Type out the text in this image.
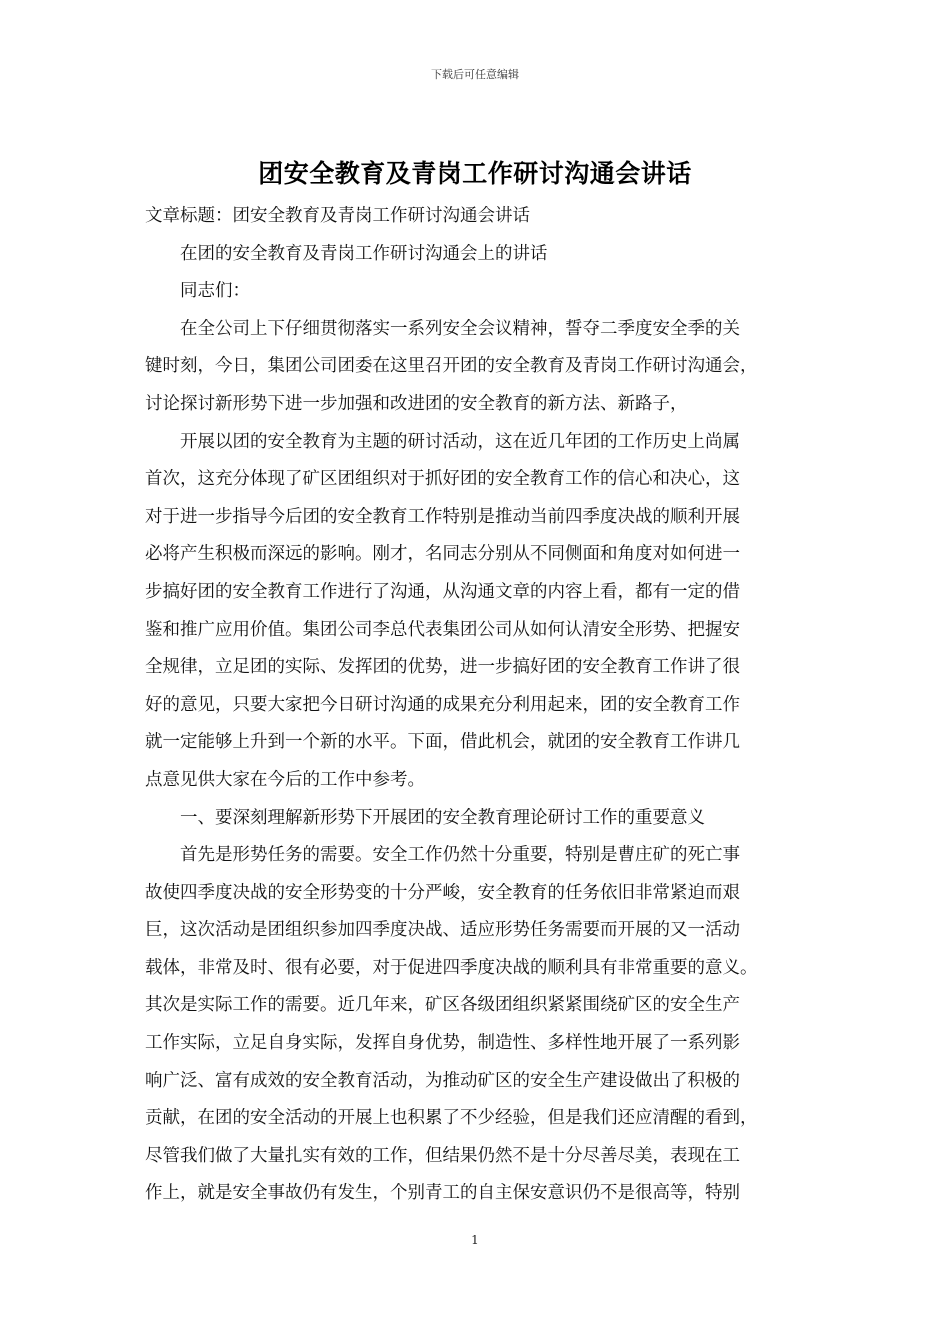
下载后可任意编辑
团安全教育及青岗工作研讨沟通会讲话
文章标题：团安全教育及青岗工作研讨沟通会讲话
　　在团的安全教育及青岗工作研讨沟通会上的讲话
　　同志们：
　　在全公司上下仔细贯彻落实一系列安全会议精神，誓夺二季度安全季的关
键时刻，今日，集团公司团委在这里召开团的安全教育及青岗工作研讨沟通会，
讨论探讨新形势下进一步加强和改进团的安全教育的新方法、新路子，
　　开展以团的安全教育为主题的研讨活动，这在近几年团的工作历史上尚属
首次，这充分体现了矿区团组织对于抓好团的安全教育工作的信心和决心，这
对于进一步指导今后团的安全教育工作特别是推动当前四季度决战的顺利开展
必将产生积极而深远的影响。刚才，名同志分别从不同侧面和角度对如何进一
步搞好团的安全教育工作进行了沟通，从沟通文章的内容上看，都有一定的借
鉴和推广应用价值。集团公司李总代表集团公司从如何认清安全形势、把握安
全规律，立足团的实际、发挥团的优势，进一步搞好团的安全教育工作讲了很
好的意见，只要大家把今日研讨沟通的成果充分利用起来，团的安全教育工作
就一定能够上升到一个新的水平。下面，借此机会，就团的安全教育工作讲几
点意见供大家在今后的工作中参考。
　　一、要深刻理解新形势下开展团的安全教育理论研讨工作的重要意义
　　首先是形势任务的需要。安全工作仍然十分重要，特别是曹庄矿的死亡事
故使四季度决战的安全形势变的十分严峻，安全教育的任务依旧非常紧迫而艰
巨，这次活动是团组织参加四季度决战、适应形势任务需要而开展的又一活动
载体，非常及时、很有必要，对于促进四季度决战的顺利具有非常重要的意义。
其次是实际工作的需要。近几年来，矿区各级团组织紧紧围绕矿区的安全生产
工作实际，立足自身实际，发挥自身优势，制造性、多样性地开展了一系列影
响广泛、富有成效的安全教育活动，为推动矿区的安全生产建设做出了积极的
贡献，在团的安全活动的开展上也积累了不少经验，但是我们还应清醒的看到，
尽管我们做了大量扎实有效的工作，但结果仍然不是十分尽善尽美，表现在工
作上，就是安全事故仍有发生，个别青工的自主保安意识仍不是很高等，特别
1
